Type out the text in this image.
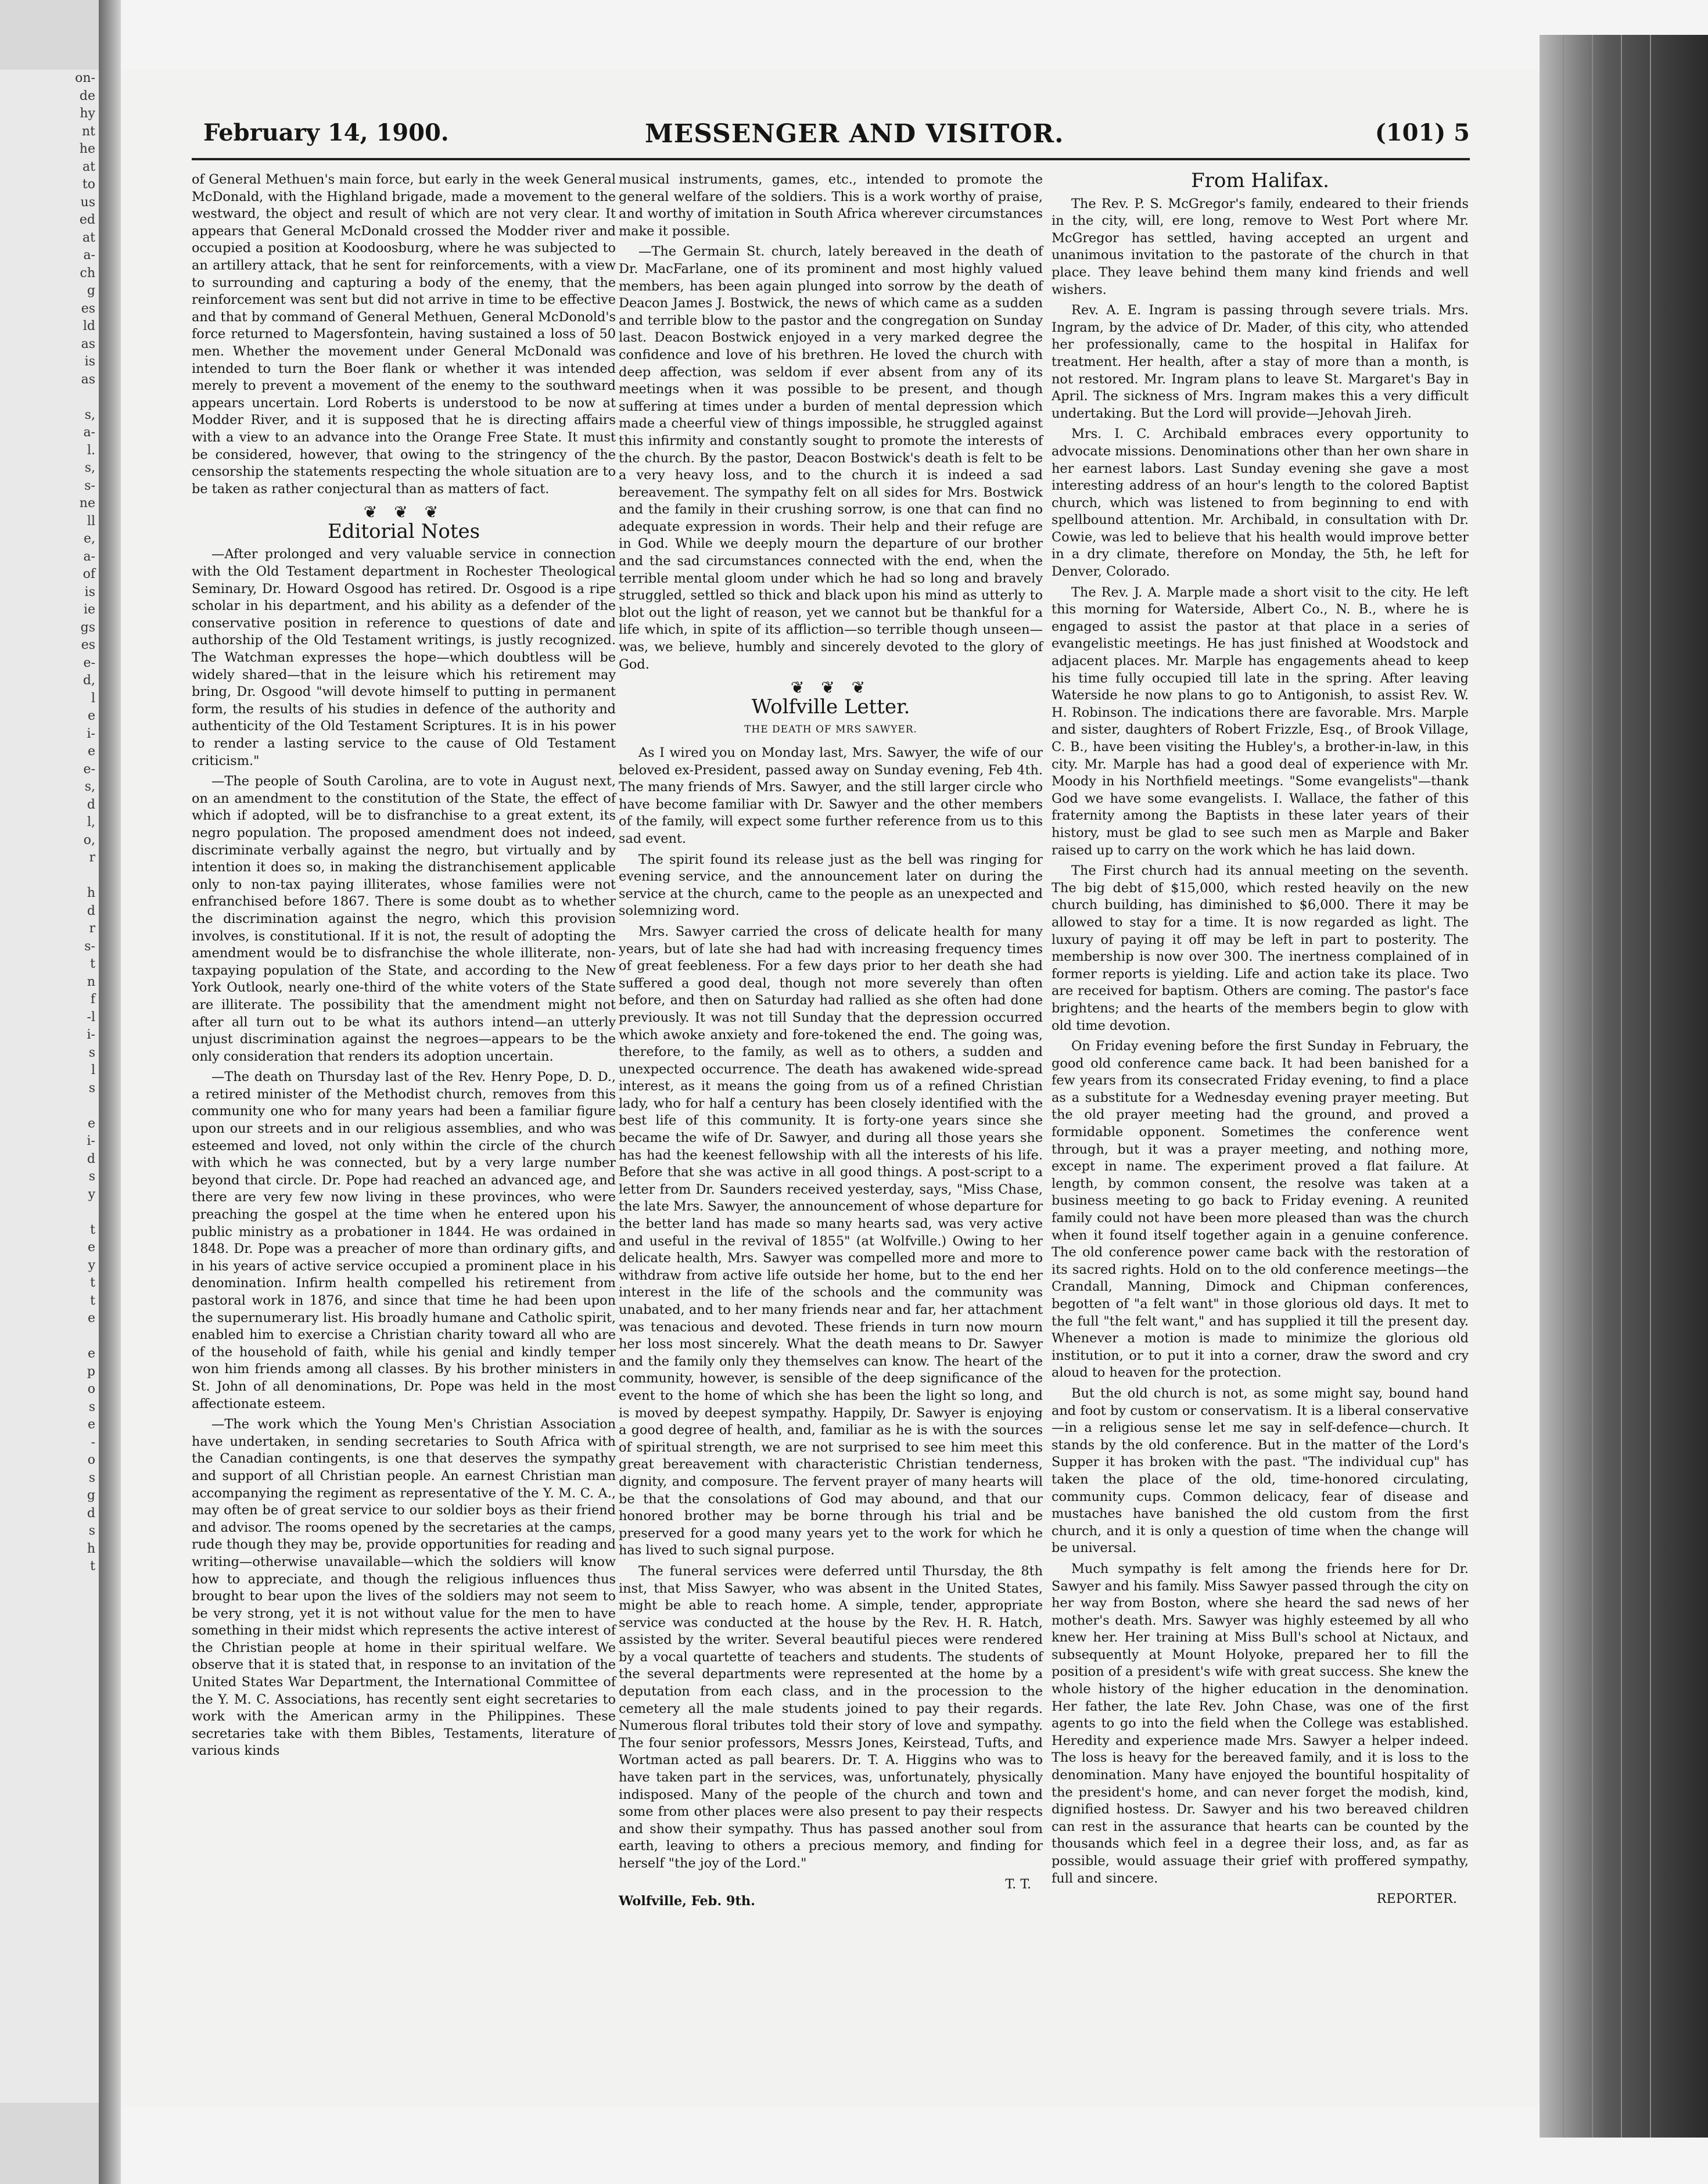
on-
de
hy
nt
he
at
to
us
ed
at
a-
ch
g
es
ld
as
is
as

s,
a-
l.
s,
s-
ne
ll
e,
a-
of
is
ie
gs
es
e-
d,
l
e
i-
e
e-
s,
d
l,
o,
r

h
d
r
s-
t
n
f
-l
i-
s
l
s

e
i-
d
s
y

t
e
y
t
t
e

e
p
o
s
e
-
o
s
g
d
s
h
t
February 14, 1900.	MESSENGER AND VISITOR.	(101) 5

of General Methuen's main force, but early in the week General McDonald, with the Highland brigade, made a movement to the westward, the object and result of which are not very clear. It appears that General McDonald crossed the Modder river and occupied a position at Koodoosburg, where he was subjected to an artillery attack, that he sent for reinforcements, with a view to surrounding and capturing a body of the enemy, that the reinforcement was sent but did not arrive in time to be effective and that by command of General Methuen, General McDonold's force returned to Magersfontein, having sustained a loss of 50 men. Whether the movement under General McDonald was intended to turn the Boer flank or whether it was intended merely to prevent a movement of the enemy to the southward appears uncertain. Lord Roberts is understood to be now at Modder River, and it is supposed that he is directing affairs with a view to an advance into the Orange Free State. It must be considered, however, that owing to the stringency of the censorship the statements respecting the whole situation are to be taken as rather conjectural than as matters of fact.

❦ ❦ ❦
Editorial Notes

—After prolonged and very valuable service in connection with the Old Testament department in Rochester Theological Seminary, Dr. Howard Osgood has retired. Dr. Osgood is a ripe scholar in his department, and his ability as a defender of the conservative position in reference to questions of date and authorship of the Old Testament writings, is justly recognized. The Watchman expresses the hope—which doubtless will be widely shared—that in the leisure which his retirement may bring, Dr. Osgood "will devote himself to putting in permanent form, the results of his studies in defence of the authority and authenticity of the Old Testament Scriptures. It is in his power to render a lasting service to the cause of Old Testament criticism."

—The people of South Carolina, are to vote in August next, on an amendment to the constitution of the State, the effect of which if adopted, will be to disfranchise to a great extent, its negro population. The proposed amendment does not indeed, discriminate verbally against the negro, but virtually and by intention it does so, in making the distranchisement applicable only to non-tax paying illiterates, whose families were not enfranchised before 1867. There is some doubt as to whether the discrimination against the negro, which this provision involves, is constitutional. If it is not, the result of adopting the amendment would be to disfranchise the whole illiterate, non-taxpaying population of the State, and according to the New York Outlook, nearly one-third of the white voters of the State are illiterate. The possibility that the amendment might not after all turn out to be what its authors intend—an utterly unjust discrimination against the negroes—appears to be the only consideration that renders its adoption uncertain.

—The death on Thursday last of the Rev. Henry Pope, D. D., a retired minister of the Methodist church, removes from this community one who for many years had been a familiar figure upon our streets and in our religious assemblies, and who was esteemed and loved, not only within the circle of the church with which he was connected, but by a very large number beyond that circle. Dr. Pope had reached an advanced age, and there are very few now living in these provinces, who were preaching the gospel at the time when he entered upon his public ministry as a probationer in 1844. He was ordained in 1848. Dr. Pope was a preacher of more than ordinary gifts, and in his years of active service occupied a prominent place in his denomination. Infirm health compelled his retirement from pastoral work in 1876, and since that time he had been upon the supernumerary list. His broadly humane and Catholic spirit, enabled him to exercise a Christian charity toward all who are of the household of faith, while his genial and kindly temper won him friends among all classes. By his brother ministers in St. John of all denominations, Dr. Pope was held in the most affectionate esteem.

—The work which the Young Men's Christian Association have undertaken, in sending secretaries to South Africa with the Canadian contingents, is one that deserves the sympathy and support of all Christian people. An earnest Christian man accompanying the regiment as representative of the Y. M. C. A., may often be of great service to our soldier boys as their friend and advisor. The rooms opened by the secretaries at the camps, rude though they may be, provide opportunities for reading and writing—otherwise unavailable—which the soldiers will know how to appreciate, and though the religious influences thus brought to bear upon the lives of the soldiers may not seem to be very strong, yet it is not without value for the men to have something in their midst which represents the active interest of the Christian people at home in their spiritual welfare. We observe that it is stated that, in response to an invitation of the United States War Department, the International Committee of the Y. M. C. Associations, has recently sent eight secretaries to work with the American army in the Philippines. These secretaries take with them Bibles, Testaments, literature of various kinds

musical instruments, games, etc., intended to promote the general welfare of the soldiers. This is a work worthy of praise, and worthy of imitation in South Africa wherever circumstances make it possible.

—The Germain St. church, lately bereaved in the death of Dr. MacFarlane, one of its prominent and most highly valued members, has been again plunged into sorrow by the death of Deacon James J. Bostwick, the news of which came as a sudden and terrible blow to the pastor and the congregation on Sunday last. Deacon Bostwick enjoyed in a very marked degree the confidence and love of his brethren. He loved the church with deep affection, was seldom if ever absent from any of its meetings when it was possible to be present, and though suffering at times under a burden of mental depression which made a cheerful view of things impossible, he struggled against this infirmity and constantly sought to promote the interests of the church. By the pastor, Deacon Bostwick's death is felt to be a very heavy loss, and to the church it is indeed a sad bereavement. The sympathy felt on all sides for Mrs. Bostwick and the family in their crushing sorrow, is one that can find no adequate expression in words. Their help and their refuge are in God. While we deeply mourn the departure of our brother and the sad circumstances connected with the end, when the terrible mental gloom under which he had so long and bravely struggled, settled so thick and black upon his mind as utterly to blot out the light of reason, yet we cannot but be thankful for a life which, in spite of its affliction—so terrible though unseen—was, we believe, humbly and sincerely devoted to the glory of God.

❦ ❦ ❦
Wolfville Letter.
THE DEATH OF MRS SAWYER.

As I wired you on Monday last, Mrs. Sawyer, the wife of our beloved ex-President, passed away on Sunday evening, Feb 4th. The many friends of Mrs. Sawyer, and the still larger circle who have become familiar with Dr. Sawyer and the other members of the family, will expect some further reference from us to this sad event.

The spirit found its release just as the bell was ringing for evening service, and the announcement later on during the service at the church, came to the people as an unexpected and solemnizing word.

Mrs. Sawyer carried the cross of delicate health for many years, but of late she had had with increasing frequency times of great feebleness. For a few days prior to her death she had suffered a good deal, though not more severely than often before, and then on Saturday had rallied as she often had done previously. It was not till Sunday that the depression occurred which awoke anxiety and fore-tokened the end. The going was, therefore, to the family, as well as to others, a sudden and unexpected occurrence. The death has awakened wide-spread interest, as it means the going from us of a refined Christian lady, who for half a century has been closely identified with the best life of this community. It is forty-one years since she became the wife of Dr. Sawyer, and during all those years she has had the keenest fellowship with all the interests of his life. Before that she was active in all good things. A post-script to a letter from Dr. Saunders received yesterday, says, "Miss Chase, the late Mrs. Sawyer, the announcement of whose departure for the better land has made so many hearts sad, was very active and useful in the revival of 1855" (at Wolfville.) Owing to her delicate health, Mrs. Sawyer was compelled more and more to withdraw from active life outside her home, but to the end her interest in the life of the schools and the community was unabated, and to her many friends near and far, her attachment was tenacious and devoted. These friends in turn now mourn her loss most sincerely. What the death means to Dr. Sawyer and the family only they themselves can know. The heart of the community, however, is sensible of the deep significance of the event to the home of which she has been the light so long, and is moved by deepest sympathy. Happily, Dr. Sawyer is enjoying a good degree of health, and, familiar as he is with the sources of spiritual strength, we are not surprised to see him meet this great bereavement with characteristic Christian tenderness, dignity, and composure. The fervent prayer of many hearts will be that the consolations of God may abound, and that our honored brother may be borne through his trial and be preserved for a good many years yet to the work for which he has lived to such signal purpose.

The funeral services were deferred until Thursday, the 8th inst, that Miss Sawyer, who was absent in the United States, might be able to reach home. A simple, tender, appropriate service was conducted at the house by the Rev. H. R. Hatch, assisted by the writer. Several beautiful pieces were rendered by a vocal quartette of teachers and students. The students of the several departments were represented at the home by a deputation from each class, and in the procession to the cemetery all the male students joined to pay their regards. Numerous floral tributes told their story of love and sympathy. The four senior professors, Messrs Jones, Keirstead, Tufts, and Wortman acted as pall bearers. Dr. T. A. Higgins who was to have taken part in the services, was, unfortunately, physically indisposed. Many of the people of the church and town and some from other places were also present to pay their respects and show their sympathy. Thus has passed another soul from earth, leaving to others a precious memory, and finding for herself "the joy of the Lord."

T. T.
Wolfville, Feb. 9th.
From Halifax.

The Rev. P. S. McGregor's family, endeared to their friends in the city, will, ere long, remove to West Port where Mr. McGregor has settled, having accepted an urgent and unanimous invitation to the pastorate of the church in that place. They leave behind them many kind friends and well wishers.

Rev. A. E. Ingram is passing through severe trials. Mrs. Ingram, by the advice of Dr. Mader, of this city, who attended her professionally, came to the hospital in Halifax for treatment. Her health, after a stay of more than a month, is not restored. Mr. Ingram plans to leave St. Margaret's Bay in April. The sickness of Mrs. Ingram makes this a very difficult undertaking. But the Lord will provide—Jehovah Jireh.

Mrs. I. C. Archibald embraces every opportunity to advocate missions. Denominations other than her own share in her earnest labors. Last Sunday evening she gave a most interesting address of an hour's length to the colored Baptist church, which was listened to from beginning to end with spellbound attention. Mr. Archibald, in consultation with Dr. Cowie, was led to believe that his health would improve better in a dry climate, therefore on Monday, the 5th, he left for Denver, Colorado.

The Rev. J. A. Marple made a short visit to the city. He left this morning for Waterside, Albert Co., N. B., where he is engaged to assist the pastor at that place in a series of evangelistic meetings. He has just finished at Woodstock and adjacent places. Mr. Marple has engagements ahead to keep his time fully occupied till late in the spring. After leaving Waterside he now plans to go to Antigonish, to assist Rev. W. H. Robinson. The indications there are favorable. Mrs. Marple and sister, daughters of Robert Frizzle, Esq., of Brook Village, C. B., have been visiting the Hubley's, a brother-in-law, in this city. Mr. Marple has had a good deal of experience with Mr. Moody in his Northfield meetings. "Some evangelists"—thank God we have some evangelists. I. Wallace, the father of this fraternity among the Baptists in these later years of their history, must be glad to see such men as Marple and Baker raised up to carry on the work which he has laid down.

The First church had its annual meeting on the seventh. The big debt of $15,000, which rested heavily on the new church building, has diminished to $6,000. There it may be allowed to stay for a time. It is now regarded as light. The luxury of paying it off may be left in part to posterity. The membership is now over 300. The inertness complained of in former reports is yielding. Life and action take its place. Two are received for baptism. Others are coming. The pastor's face brightens; and the hearts of the members begin to glow with old time devotion.

On Friday evening before the first Sunday in February, the good old conference came back. It had been banished for a few years from its consecrated Friday evening, to find a place as a substitute for a Wednesday evening prayer meeting. But the old prayer meeting had the ground, and proved a formidable opponent. Sometimes the conference went through, but it was a prayer meeting, and nothing more, except in name. The experiment proved a flat failure. At length, by common consent, the resolve was taken at a business meeting to go back to Friday evening. A reunited family could not have been more pleased than was the church when it found itself together again in a genuine conference. The old conference power came back with the restoration of its sacred rights. Hold on to the old conference meetings—the Crandall, Manning, Dimock and Chipman conferences, begotten of "a felt want" in those glorious old days. It met to the full "the felt want," and has supplied it till the present day. Whenever a motion is made to minimize the glorious old institution, or to put it into a corner, draw the sword and cry aloud to heaven for the protection.

But the old church is not, as some might say, bound hand and foot by custom or conservatism. It is a liberal conservative—in a religious sense let me say in self-defence—church. It stands by the old conference. But in the matter of the Lord's Supper it has broken with the past. "The individual cup" has taken the place of the old, time-honored circulating, community cups. Common delicacy, fear of disease and mustaches have banished the old custom from the first church, and it is only a question of time when the change will be universal.

Much sympathy is felt among the friends here for Dr. Sawyer and his family. Miss Sawyer passed through the city on her way from Boston, where she heard the sad news of her mother's death. Mrs. Sawyer was highly esteemed by all who knew her. Her training at Miss Bull's school at Nictaux, and subsequently at Mount Holyoke, prepared her to fill the position of a president's wife with great success. She knew the whole history of the higher education in the denomination. Her father, the late Rev. John Chase, was one of the first agents to go into the field when the College was established. Heredity and experience made Mrs. Sawyer a helper indeed. The loss is heavy for the bereaved family, and it is loss to the denomination. Many have enjoyed the bountiful hospitality of the president's home, and can never forget the modish, kind, dignified hostess. Dr. Sawyer and his two bereaved children can rest in the assurance that hearts can be counted by the thousands which feel in a degree their loss, and, as far as possible, would assuage their grief with proffered sympathy, full and sincere.

REPORTER.
